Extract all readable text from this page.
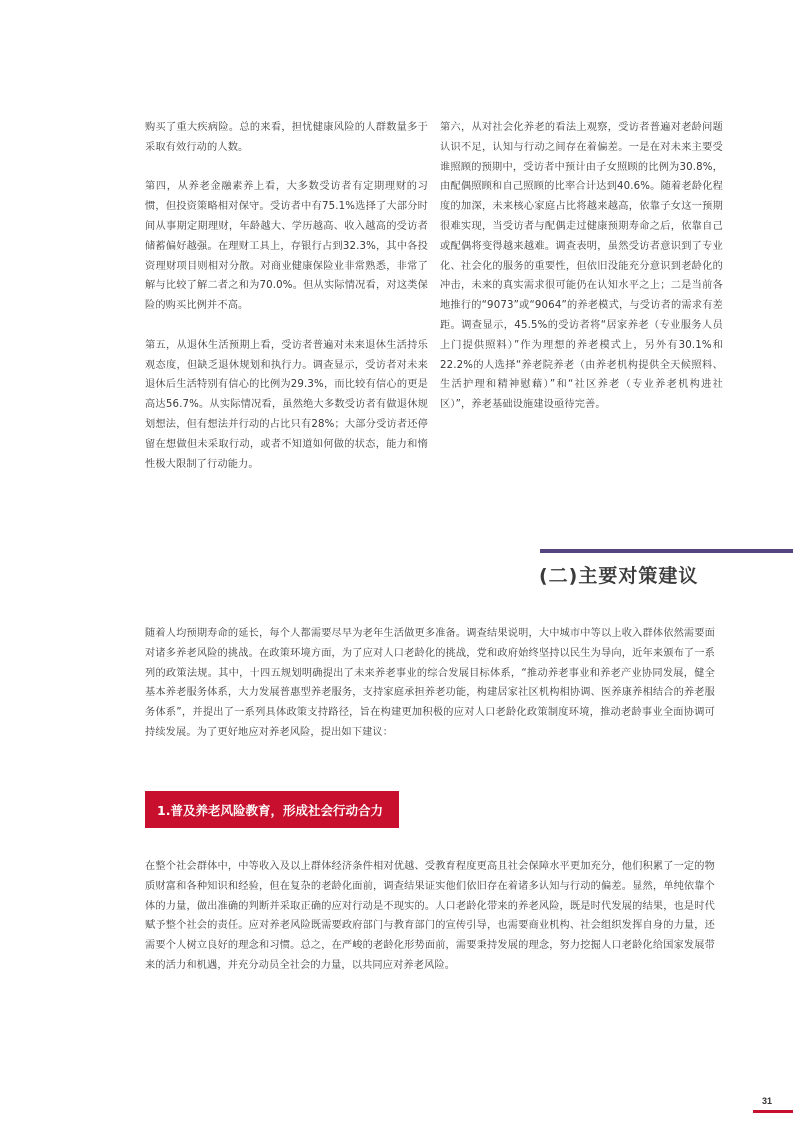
购买了重大疾病险。总的来看，担忧健康风险的人群数量多于采取有效行动的人数。

第四，从养老金融素养上看，大多数受访者有定期理财的习惯，但投资策略相对保守。受访者中有75.1%选择了大部分时间从事期定期理财，年龄越大、学历越高、收入越高的受访者储蓄偏好越强。在理财工具上，存银行占到32.3%，其中各投资理财项目则相对分散。对商业健康保险业非常熟悉，非常了解与比较了解二者之和为70.0%。但从实际情况看，对这类保险的购买比例并不高。

第五，从退休生活预期上看，受访者普遍对未来退休生活持乐观态度，但缺乏退休规划和执行力。调查显示，受访者对未来退休后生活特别有信心的比例为29.3%，而比较有信心的更是高达56.7%。从实际情况看，虽然绝大多数受访者有做退休规划想法，但有想法并行动的占比只有28%；大部分受访者还停留在想做但未采取行动，或者不知道如何做的状态，能力和惰性极大限制了行动能力。

第六，从对社会化养老的看法上观察，受访者普遍对老龄问题认识不足，认知与行动之间存在着偏差。一是在对未来主要受谁照顾的预期中，受访者中预计由子女照顾的比例为30.8%，由配偶照顾和自己照顾的比率合计达到40.6%。随着老龄化程度的加深，未来核心家庭占比将越来越高，依靠子女这一预期很难实现，当受访者与配偶走过健康预期寿命之后，依靠自己或配偶将变得越来越难。调查表明，虽然受访者意识到了专业化、社会化的服务的重要性，但依旧没能充分意识到老龄化的冲击，未来的真实需求很可能仍在认知水平之上；二是当前各地推行的“9073”或“9064”的养老模式，与受访者的需求有差距。调查显示，45.5%的受访者将“居家养老（专业服务人员上门提供照料）”作为理想的养老模式上，另外有30.1%和22.2%的人选择“养老院养老（由养老机构提供全天候照料、生活护理和精神慰藉）”和“社区养老（专业养老机构进社区）”，养老基础设施建设亟待完善。

(二)主要对策建议

随着人均预期寿命的延长，每个人都需要尽早为老年生活做更多准备。调查结果说明，大中城市中等以上收入群体依然需要面对诸多养老风险的挑战。在政策环境方面，为了应对人口老龄化的挑战，党和政府始终坚持以民生为导向，近年来颁布了一系列的政策法规。其中，十四五规划明确提出了未来养老事业的综合发展目标体系，“推动养老事业和养老产业协同发展，健全基本养老服务体系，大力发展普惠型养老服务，支持家庭承担养老功能，构建居家社区机构相协调、医养康养相结合的养老服务体系”，并提出了一系列具体政策支持路径，旨在构建更加积极的应对人口老龄化政策制度环境，推动老龄事业全面协调可持续发展。为了更好地应对养老风险，提出如下建议：

1.普及养老风险教育，形成社会行动合力

在整个社会群体中，中等收入及以上群体经济条件相对优越、受教育程度更高且社会保障水平更加充分，他们积累了一定的物质财富和各种知识和经验，但在复杂的老龄化面前，调查结果证实他们依旧存在着诸多认知与行动的偏差。显然，单纯依靠个体的力量，做出准确的判断并采取正确的应对行动是不现实的。人口老龄化带来的养老风险，既是时代发展的结果，也是时代赋予整个社会的责任。应对养老风险既需要政府部门与教育部门的宣传引导，也需要商业机构、社会组织发挥自身的力量，还需要个人树立良好的理念和习惯。总之，在严峻的老龄化形势面前，需要秉持发展的理念，努力挖掘人口老龄化给国家发展带来的活力和机遇，并充分动员全社会的力量，以共同应对养老风险。

31
